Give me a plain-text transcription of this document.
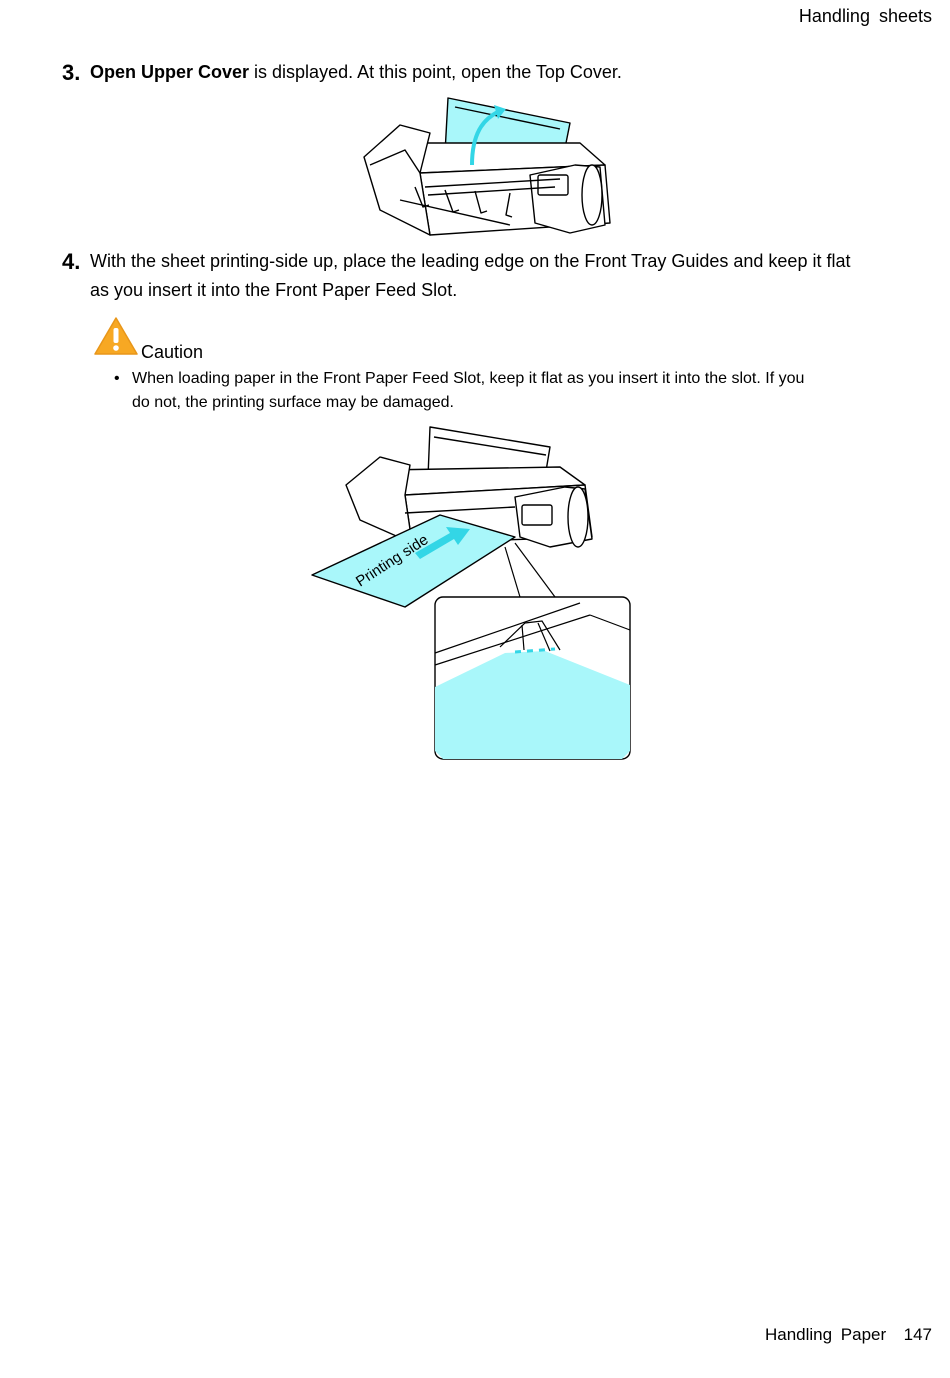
Handling sheets
3. Open Upper Cover is displayed. At this point, open the Top Cover.
4. With the sheet printing-side up, place the leading edge on the Front Tray Guides and keep it flat
as you insert it into the Front Paper Feed Slot.
Caution
• When loading paper in the Front Paper Feed Slot, keep it flat as you insert it into the slot. If you
do not, the printing surface may be damaged.
Printing side
Handling Paper 147
